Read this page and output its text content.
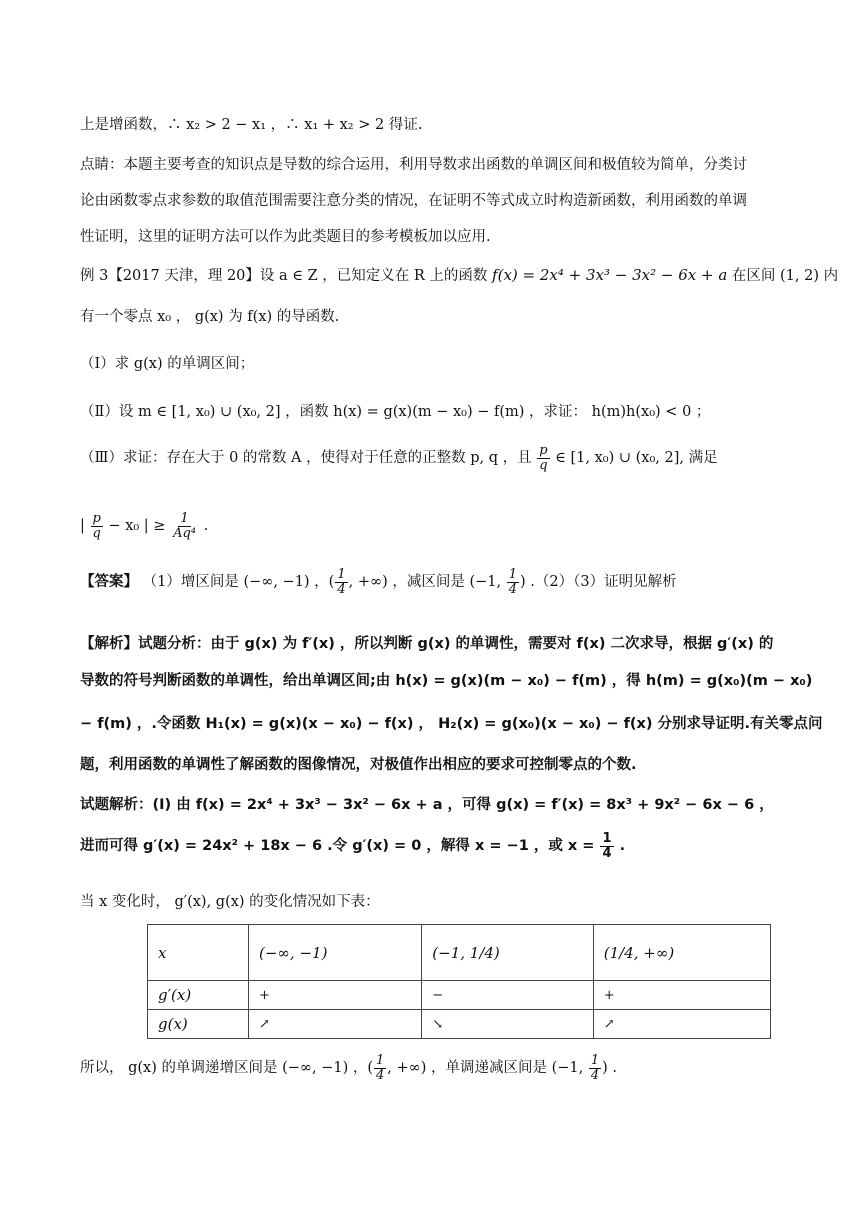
上是增函数，∴ x₂ > 2 − x₁ ，∴ x₁ + x₂ > 2 得证.
点睛：本题主要考查的知识点是导数的综合运用，利用导数求出函数的单调区间和极值较为简单，分类讨
论由函数零点求参数的取值范围需要注意分类的情况，在证明不等式成立时构造新函数，利用函数的单调
性证明，这里的证明方法可以作为此类题目的参考模板加以应用.
例 3【2017 天津，理 20】设 a ∈ Z ，已知定义在 R 上的函数 f(x) = 2x⁴ + 3x³ − 3x² − 6x + a 在区间 (1, 2) 内
有一个零点 x₀ ， g(x) 为 f(x) 的导函数.
（Ⅰ）求 g(x) 的单调区间；
（Ⅱ）设 m ∈ [1, x₀) ∪ (x₀, 2] ，函数 h(x) = g(x)(m − x₀) − f(m) ，求证： h(m)h(x₀) < 0 ；
（Ⅲ）求证：存在大于 0 的常数 A ，使得对于任意的正整数 p, q ，且 $\frac{p}{q}$ ∈ [1, x₀) ∪ (x₀, 2], 满足
| $\frac{p}{q} - x_0$ | ≥ $\frac{1}{\text{Aq⁴}}$ .
【答案】 （1）增区间是 (−∞, −1) ，( $\frac{1}{4}$ , +∞) ，减区间是 (−1, $\frac{1}{4}$ ) .（2）（3）证明见解析
【解析】试题分析：由于 g(x) 为 f′(x) ，所以判断 g(x) 的单调性，需要对 f(x) 二次求导，根据 g′(x) 的
导数的符号判断函数的单调性，给出单调区间;由 h(x) = g(x)(m − x₀) − f(m) ，得 h(m) = g(x₀)(m − x₀)
− f(m) ，.令函数 H₁(x) = g(x)(x − x₀) − f(x) ， H₂(x) = g(x₀)(x − x₀) − f(x) 分别求导证明.有关零点问
题，利用函数的单调性了解函数的图像情况，对极值作出相应的要求可控制零点的个数.
试题解析：(Ⅰ) 由 f(x) = 2x⁴ + 3x³ − 3x² − 6x + a ，可得 g(x) = f′(x) = 8x³ + 9x² − 6x − 6 ，
进而可得 g′(x) = 24x² + 18x − 6 .令 g′(x) = 0 ，解得 x = −1 ，或 $x = \frac{1}{4}$ .
当 x 变化时， g′(x), g(x) 的变化情况如下表：
x	(−∞, −1)	(−1, 1/4)	(1/4, +∞)
g′(x)	+	−	+
g(x)	↗	↘	↗
所以， g(x) 的单调递增区间是 (−∞, −1) ，( $\frac{1}{4}$ , +∞) ，单调递减区间是 (−1, $\frac{1}{4}$ ) .
